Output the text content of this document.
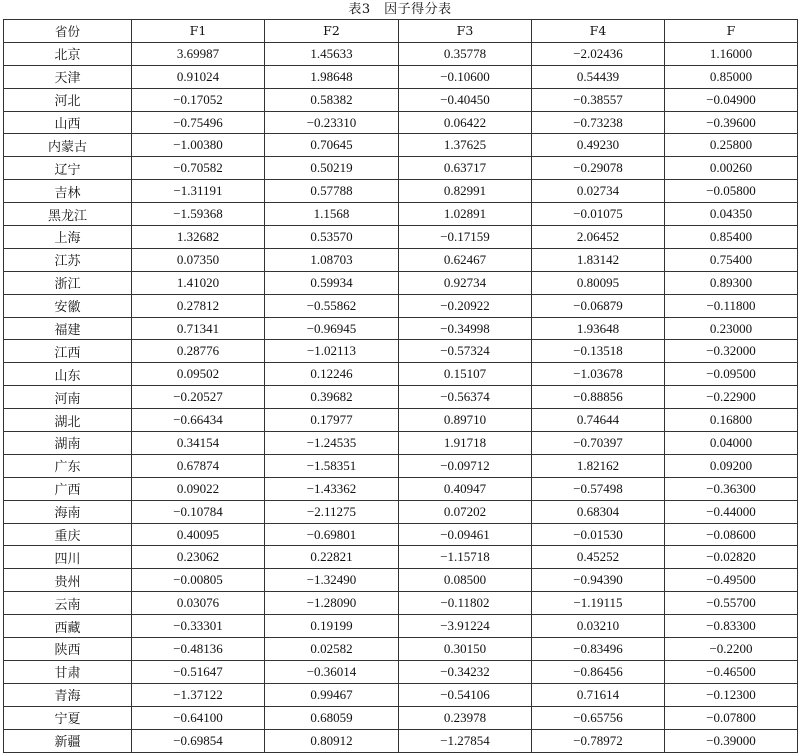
表3　因子得分表
省份	F1	F2	F3	F4	F
北京	3.69987	1.45633	0.35778	−2.02436	1.16000
天津	0.91024	1.98648	−0.10600	0.54439	0.85000
河北	−0.17052	0.58382	−0.40450	−0.38557	−0.04900
山西	−0.75496	−0.23310	0.06422	−0.73238	−0.39600
内蒙古	−1.00380	0.70645	1.37625	0.49230	0.25800
辽宁	−0.70582	0.50219	0.63717	−0.29078	0.00260
吉林	−1.31191	0.57788	0.82991	0.02734	−0.05800
黑龙江	−1.59368	1.1568	1.02891	−0.01075	0.04350
上海	1.32682	0.53570	−0.17159	2.06452	0.85400
江苏	0.07350	1.08703	0.62467	1.83142	0.75400
浙江	1.41020	0.59934	0.92734	0.80095	0.89300
安徽	0.27812	−0.55862	−0.20922	−0.06879	−0.11800
福建	0.71341	−0.96945	−0.34998	1.93648	0.23000
江西	0.28776	−1.02113	−0.57324	−0.13518	−0.32000
山东	0.09502	0.12246	0.15107	−1.03678	−0.09500
河南	−0.20527	0.39682	−0.56374	−0.88856	−0.22900
湖北	−0.66434	0.17977	0.89710	0.74644	0.16800
湖南	0.34154	−1.24535	1.91718	−0.70397	0.04000
广东	0.67874	−1.58351	−0.09712	1.82162	0.09200
广西	0.09022	−1.43362	0.40947	−0.57498	−0.36300
海南	−0.10784	−2.11275	0.07202	0.68304	−0.44000
重庆	0.40095	−0.69801	−0.09461	−0.01530	−0.08600
四川	0.23062	0.22821	−1.15718	0.45252	−0.02820
贵州	−0.00805	−1.32490	0.08500	−0.94390	−0.49500
云南	0.03076	−1.28090	−0.11802	−1.19115	−0.55700
西藏	−0.33301	0.19199	−3.91224	0.03210	−0.83300
陕西	−0.48136	0.02582	0.30150	−0.83496	−0.2200
甘肃	−0.51647	−0.36014	−0.34232	−0.86456	−0.46500
青海	−1.37122	0.99467	−0.54106	0.71614	−0.12300
宁夏	−0.64100	0.68059	0.23978	−0.65756	−0.07800
新疆	−0.69854	0.80912	−1.27854	−0.78972	−0.39000
